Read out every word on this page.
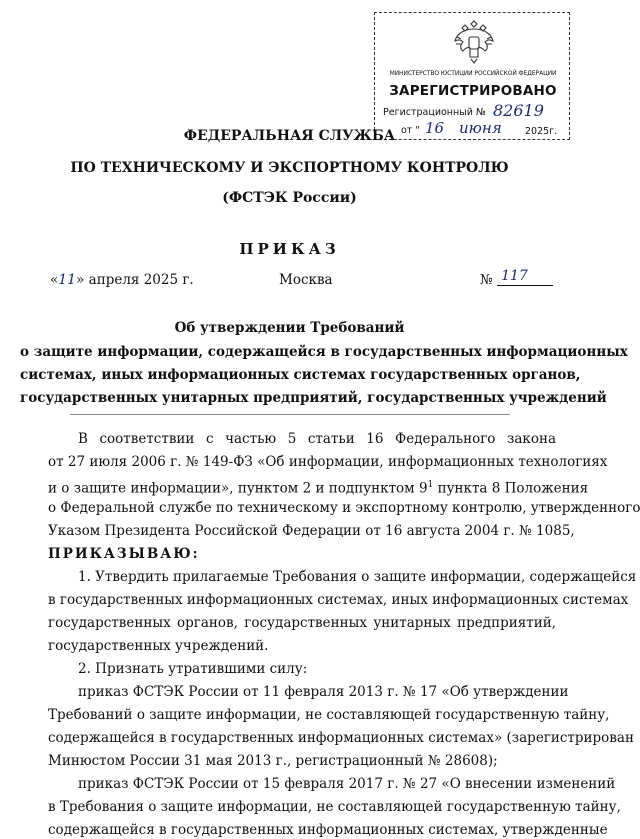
МИНИСТЕРСТВО ЮСТИЦИИ РОССИЙСКОЙ ФЕДЕРАЦИИ
ЗАРЕГИСТРИРОВАНО
Регистрационный № 82619
от " 16 июня 2025г.
ФЕДЕРАЛЬНАЯ СЛУЖБА
ПО ТЕХНИЧЕСКОМУ И ЭКСПОРТНОМУ КОНТРОЛЮ
(ФСТЭК России)
ПРИКАЗ
«11» апреля 2025 г.	Москва	№ 117
Об утверждении Требований
о защите информации, содержащейся в государственных информационных
системах, иных информационных системах государственных органов,
государственных унитарных предприятий, государственных учреждений
В соответствии с частью 5 статьи 16 Федерального закона
от 27 июля 2006 г. № 149-ФЗ «Об информации, информационных технологиях
и о защите информации», пунктом 2 и подпунктом $9^1$ пункта 8 Положения
о Федеральной службе по техническому и экспортному контролю, утвержденного
Указом Президента Российской Федерации от 16 августа 2004 г. № 1085,
ПРИКАЗЫВАЮ:
1. Утвердить прилагаемые Требования о защите информации, содержащейся
в государственных информационных системах, иных информационных системах
государственных органов, государственных унитарных предприятий,
государственных учреждений.
2. Признать утратившими силу:
приказ ФСТЭК России от 11 февраля 2013 г. № 17 «Об утверждении
Требований о защите информации, не составляющей государственную тайну,
содержащейся в государственных информационных системах» (зарегистрирован
Минюстом России 31 мая 2013 г., регистрационный № 28608);
приказ ФСТЭК России от 15 февраля 2017 г. № 27 «О внесении изменений
в Требования о защите информации, не составляющей государственную тайну,
содержащейся в государственных информационных системах, утвержденные
